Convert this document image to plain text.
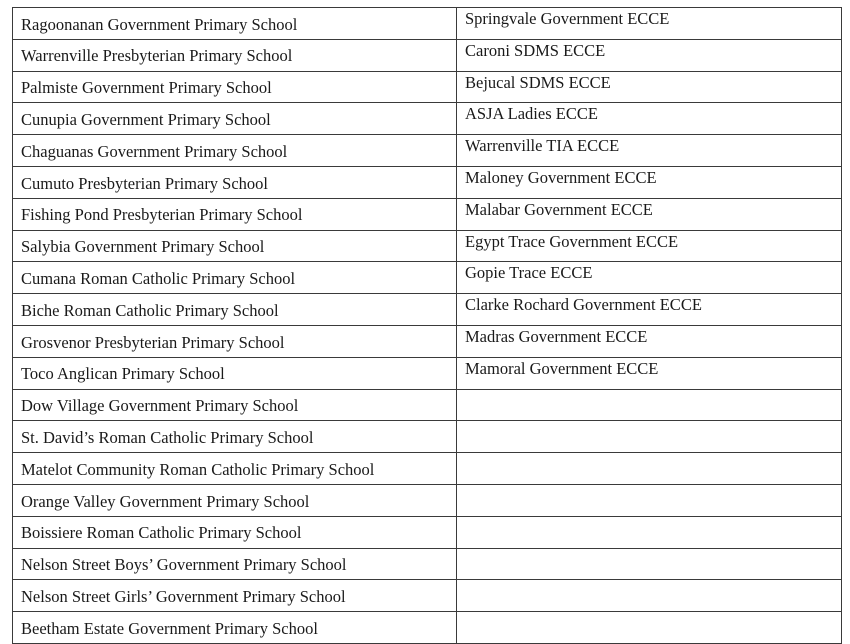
Ragoonanan Government Primary School	Springvale Government ECCE
Warrenville Presbyterian Primary School	Caroni SDMS ECCE
Palmiste Government Primary School	Bejucal SDMS ECCE
Cunupia Government Primary School	ASJA Ladies ECCE
Chaguanas Government Primary School	Warrenville TIA ECCE
Cumuto Presbyterian Primary School	Maloney Government ECCE
Fishing Pond Presbyterian Primary School	Malabar Government ECCE
Salybia Government Primary School	Egypt Trace Government ECCE
Cumana Roman Catholic Primary School	Gopie Trace ECCE
Biche Roman Catholic Primary School	Clarke Rochard Government ECCE
Grosvenor Presbyterian Primary School	Madras Government ECCE
Toco Anglican Primary School	Mamoral Government ECCE
Dow Village Government Primary School	
St. David’s Roman Catholic Primary School	
Matelot Community Roman Catholic Primary School	
Orange Valley Government Primary School	
Boissiere Roman Catholic Primary School	
Nelson Street Boys’ Government Primary School	
Nelson Street Girls’ Government Primary School	
Beetham Estate Government Primary School	
